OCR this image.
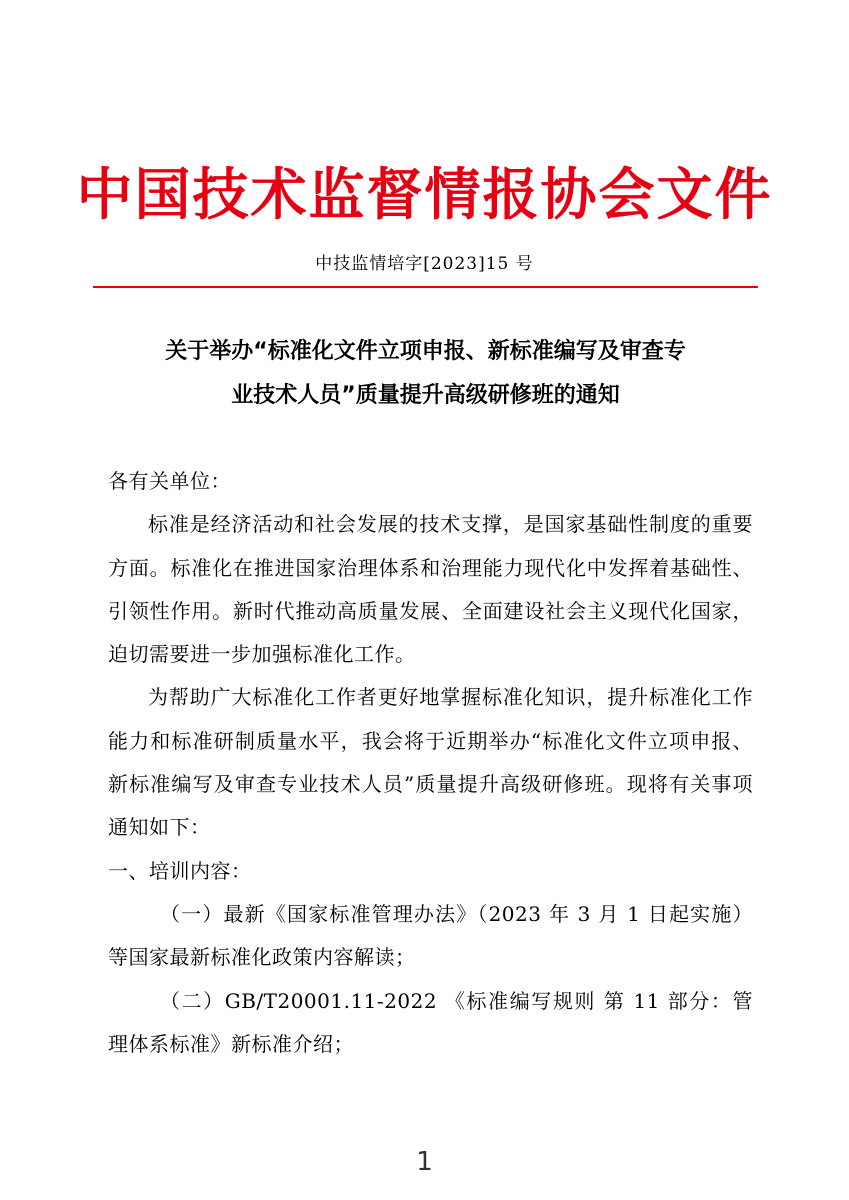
中国技术监督情报协会文件
中技监情培字[2023]15 号
关于举办“标准化文件立项申报、新标准编写及审查专
业技术人员”质量提升高级研修班的通知

各有关单位：

标准是经济活动和社会发展的技术支撑，是国家基础性制度的重要方面。标准化在推进国家治理体系和治理能力现代化中发挥着基础性、引领性作用。新时代推动高质量发展、全面建设社会主义现代化国家，迫切需要进一步加强标准化工作。

为帮助广大标准化工作者更好地掌握标准化知识，提升标准化工作能力和标准研制质量水平，我会将于近期举办“标准化文件立项申报、新标准编写及审查专业技术人员”质量提升高级研修班。现将有关事项通知如下：

一、培训内容：

（一）最新《国家标准管理办法》（2023 年 3 月 1 日起实施）等国家最新标准化政策内容解读；

（二）GB/T20001.11-2022 《标准编写规则 第 11 部分：管理体系标准》新标准介绍；

1
